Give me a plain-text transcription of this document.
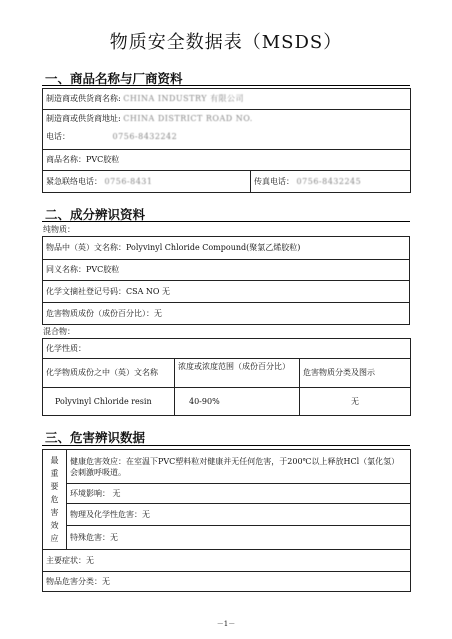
物质安全数据表（MSDS）
一、商品名称与厂商资料
制造商或供货商名称: CHINA INDUSTRY 有限公司

制造商或供货商地址: CHINA DISTRICT ROAD NO.
电话：	0756-8432242

商品名称：PVC胶粒
紧急联络电话： 0756-8431	传真电话： 0756-8432245
二、成分辨识资料
纯物质：
物品中（英）文名称：Polyvinyl Chloride Compound(聚氯乙烯胶粒)
同义名称：PVC胶粒
化学文摘社登记号码：CSA NO 无
危害物质成份（成份百分比）：无
混合物：
化学性质：		
化学物质成份之中（英）文名称	浓度或浓度范围（成份百分比）	危害物质分类及图示
Polyvinyl Chloride resin	40-90%	无
三、危害辨识数据
最重要危害效应	健康危害效应：在室温下PVC塑料粒对健康并无任何危害，于200℃以上释放HCl（氯化氢）会刺激呼吸道。
环境影响： 无
物理及化学性危害：无
特殊危害：无
主要症状：无
物品危害分类：无
－1－
